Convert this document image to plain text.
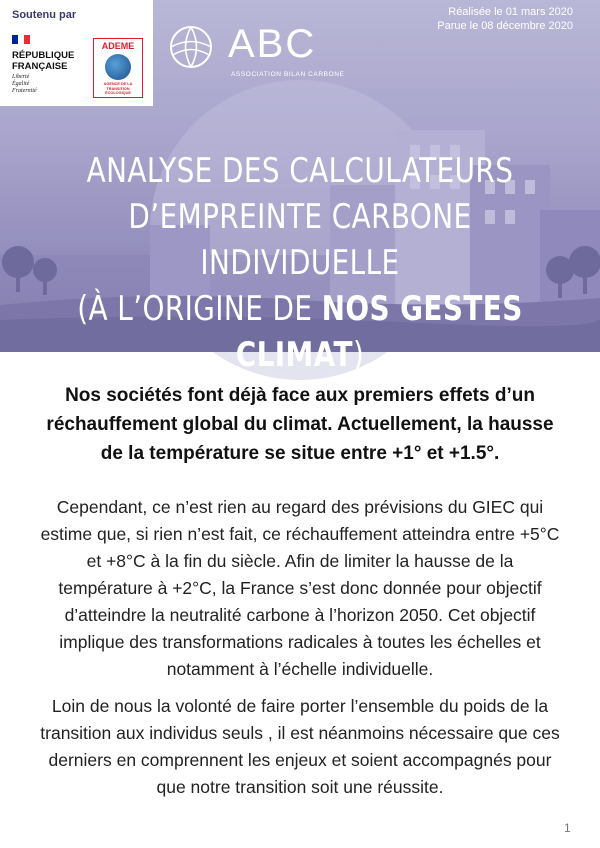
Soutenu par
RÉPUBLIQUE
FRANÇAISE
Liberté
Égalité
Fraternité
ADEME
AGENCE DE LA
TRANSITION
ÉCOLOGIQUE
ABC
ASSOCIATION BILAN CARBONE
Réalisée le 01 mars 2020
Parue le 08 décembre 2020
ANALYSE DES CALCULATEURS
D’EMPREINTE CARBONE INDIVIDUELLE
(À L’ORIGINE DE NOS GESTES CLIMAT)
Nos sociétés font déjà face aux premiers effets d’un réchauffement global du climat. Actuellement, la hausse de la température se situe entre +1° et +1.5°.
Cependant, ce n’est rien au regard des prévisions du GIEC qui estime que, si rien n’est fait, ce réchauffement atteindra entre +5°C et +8°C à la fin du siècle. Afin de limiter la hausse de la température à +2°C, la France s’est donc donnée pour objectif d’atteindre la neutralité carbone à l’horizon 2050. Cet objectif implique des transformations radicales à toutes les échelles et notamment à l’échelle individuelle.
Loin de nous la volonté de faire porter l’ensemble du poids de la transition aux individus seuls , il est néanmoins nécessaire que ces derniers en comprennent les enjeux et soient accompagnés pour que notre transition soit une réussite.
1
